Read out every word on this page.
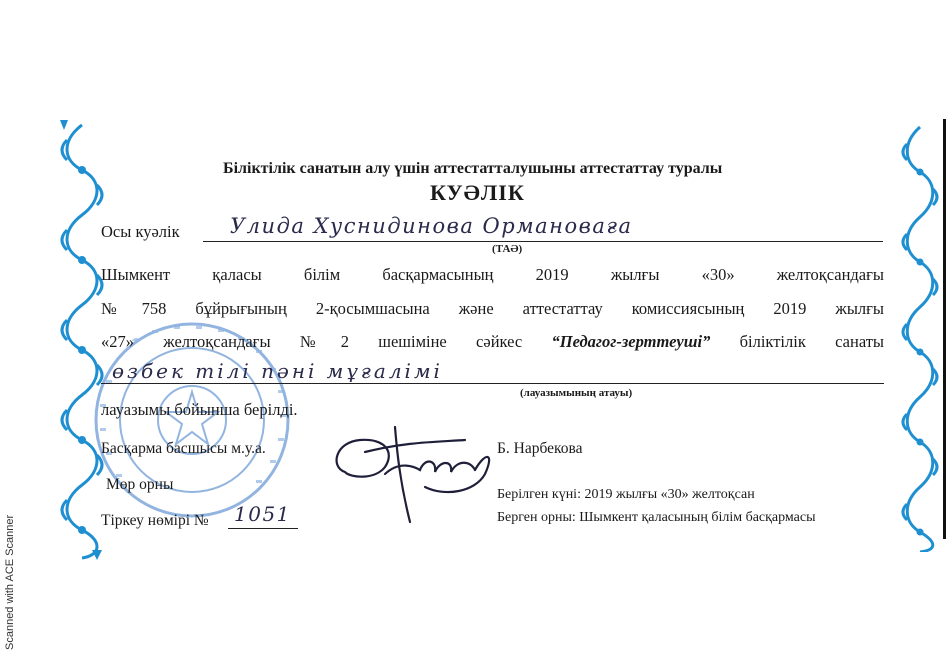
Scanned with ACE Scanner
Біліктілік санатын алу үшін аттестатталушыны аттестаттау туралы
КУӘЛІК
Осы куәлік Улида Хуснидинова Ормановаға
(ТАӘ)
Шымкент қаласы білім басқармасының 2019 жылғы «30» желтоқсандағы
№758 бұйрығының 2-қосымшасына және аттестаттау комиссиясының 2019 жылғы
«27» желтоқсандағы №2 шешіміне сәйкес “Педагог-зерттеуші” біліктілік санаты
өзбек тілі пәні мұғалімі
(лауазымының атауы)
лауазымы бойынша берілді.
Басқарма басшысы м.у.а.	Б. Нарбекова
Мөр орны
Тіркеу нөмірі № 1051
Берілген күні: 2019 жылғы «30» желтоқсан
Берген орны: Шымкент қаласының білім басқармасы
